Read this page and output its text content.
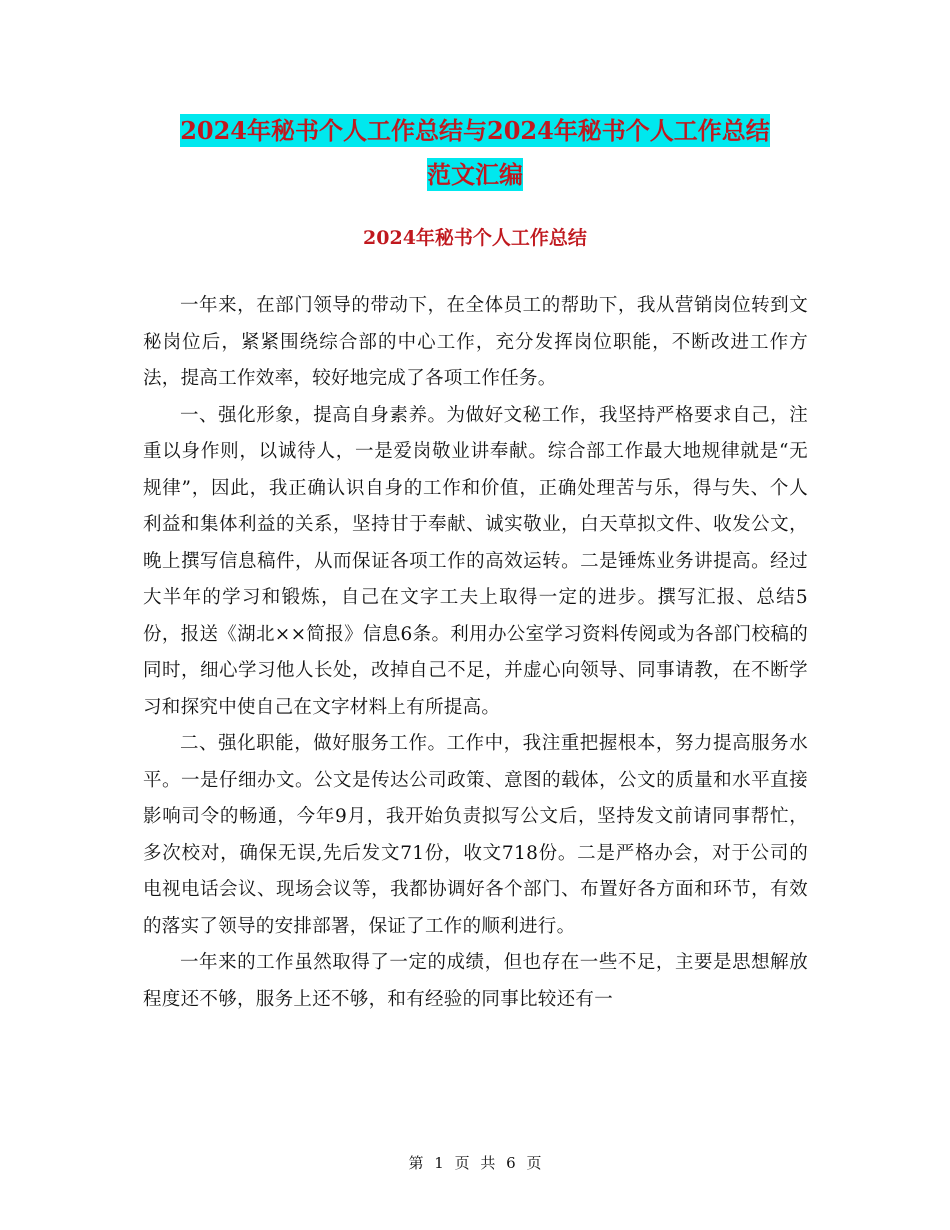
2024年秘书个人工作总结与2024年秘书个人工作总结
范文汇编
2024年秘书个人工作总结

一年来，在部门领导的带动下，在全体员工的帮助下，我从营销岗位转到文秘岗位后，紧紧围绕综合部的中心工作，充分发挥岗位职能，不断改进工作方法，提高工作效率，较好地完成了各项工作任务。

一、强化形象，提高自身素养。为做好文秘工作，我坚持严格要求自己，注重以身作则，以诚待人，一是爱岗敬业讲奉献。综合部工作最大地规律就是“无规律”，因此，我正确认识自身的工作和价值，正确处理苦与乐，得与失、个人利益和集体利益的关系，坚持甘于奉献、诚实敬业，白天草拟文件、收发公文，晚上撰写信息稿件，从而保证各项工作的高效运转。二是锤炼业务讲提高。经过大半年的学习和锻炼，自己在文字工夫上取得一定的进步。撰写汇报、总结5份，报送《湖北××简报》信息6条。利用办公室学习资料传阅或为各部门校稿的同时，细心学习他人长处，改掉自己不足，并虚心向领导、同事请教，在不断学习和探究中使自己在文字材料上有所提高。

二、强化职能，做好服务工作。工作中，我注重把握根本，努力提高服务水平。一是仔细办文。公文是传达公司政策、意图的载体，公文的质量和水平直接影响司令的畅通，今年9月，我开始负责拟写公文后，坚持发文前请同事帮忙，多次校对，确保无误,先后发文71份，收文718份。二是严格办会，对于公司的电视电话会议、现场会议等，我都协调好各个部门、布置好各方面和环节，有效的落实了领导的安排部署，保证了工作的顺利进行。

一年来的工作虽然取得了一定的成绩，但也存在一些不足，主要是思想解放程度还不够，服务上还不够，和有经验的同事比较还有一

第 1 页 共 6 页
